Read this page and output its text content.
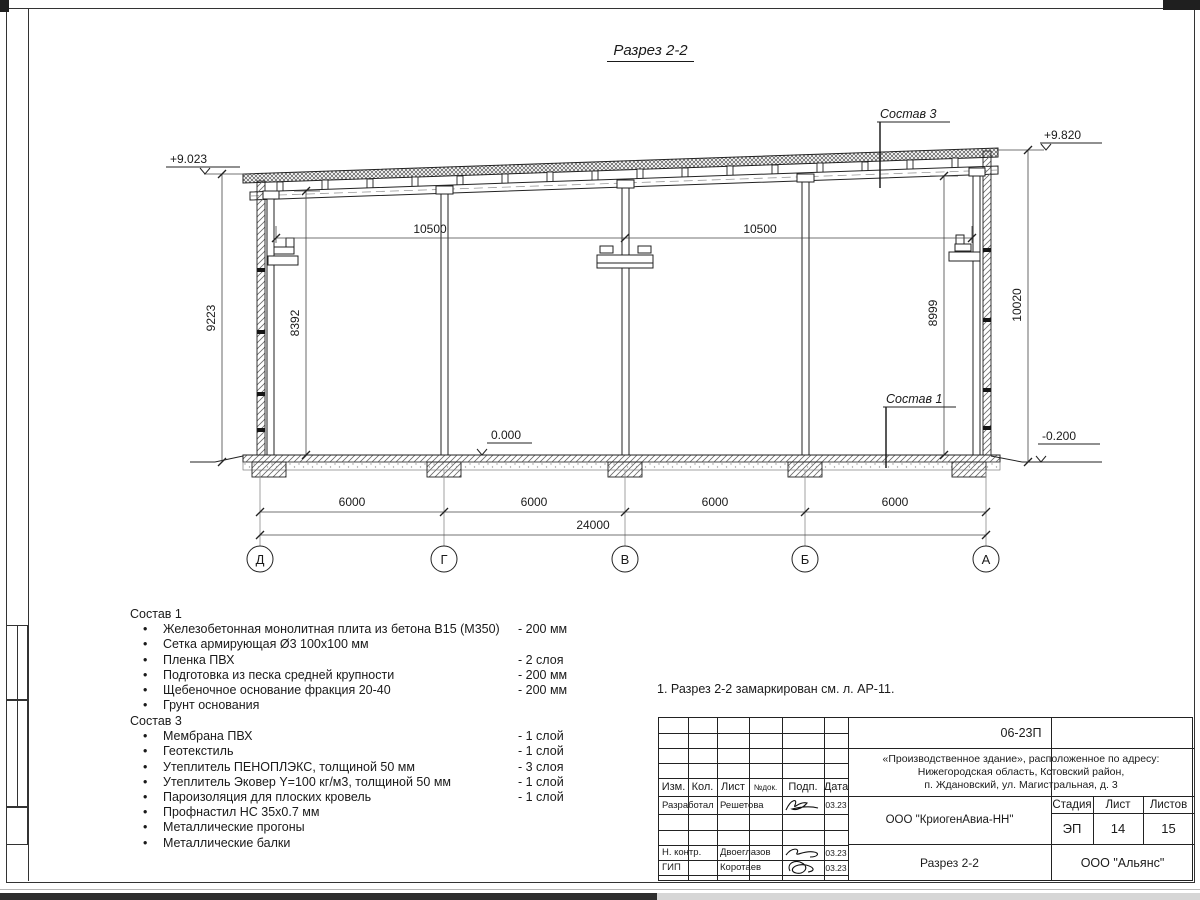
Разрез 2-2
10500	10500
9223	8392	8999	10020
6000	6000	6000	6000
24000
+9.023
+9.820
0.000	-0.200
Состав 3
Состав 1
Д	Г	В	Б	А
Состав 1
• Железобетонная монолитная плита из бетона В15 (М350) - 200 мм
• Сетка армирующая Ø3 100x100 мм
• Пленка ПВХ	- 2 слоя
• Подготовка из песка средней крупности	- 200 мм
• Щебеночное основание фракция 20-40	- 200 мм
• Грунт основания
Состав 3
• Мембрана ПВХ	- 1 слой
• Геотекстиль	- 1 слой
• Утеплитель ПЕНОПЛЭКС, толщиной 50 мм	- 3 слоя
• Утеплитель Эковер Y=100 кг/м3, толщиной 50 мм	- 1 слой
• Пароизоляция для плоских кровель	- 1 слой
• Профнастил НС 35x0.7 мм
• Металлические прогоны
• Металлические балки
1. Разрез 2-2 замаркирован см. л. АР-11.
Изм. Кол. Лист	№док.	Подп. Дата
Разработал Решетова	03.23
Н. контр.	Двоеглазов	03.23
ГИП	Коротаев	03.23
06-23П
«Производственное здание», расположенное по адресу:
Нижегородская область, Кстовский район,
п. Ждановский, ул. Магистральная, д. 3
ООО "КриогенАвиа-НН"
Разрез 2-2
Стадия	Лист	Листов
ЭП	14	15
ООО "Альянс"
